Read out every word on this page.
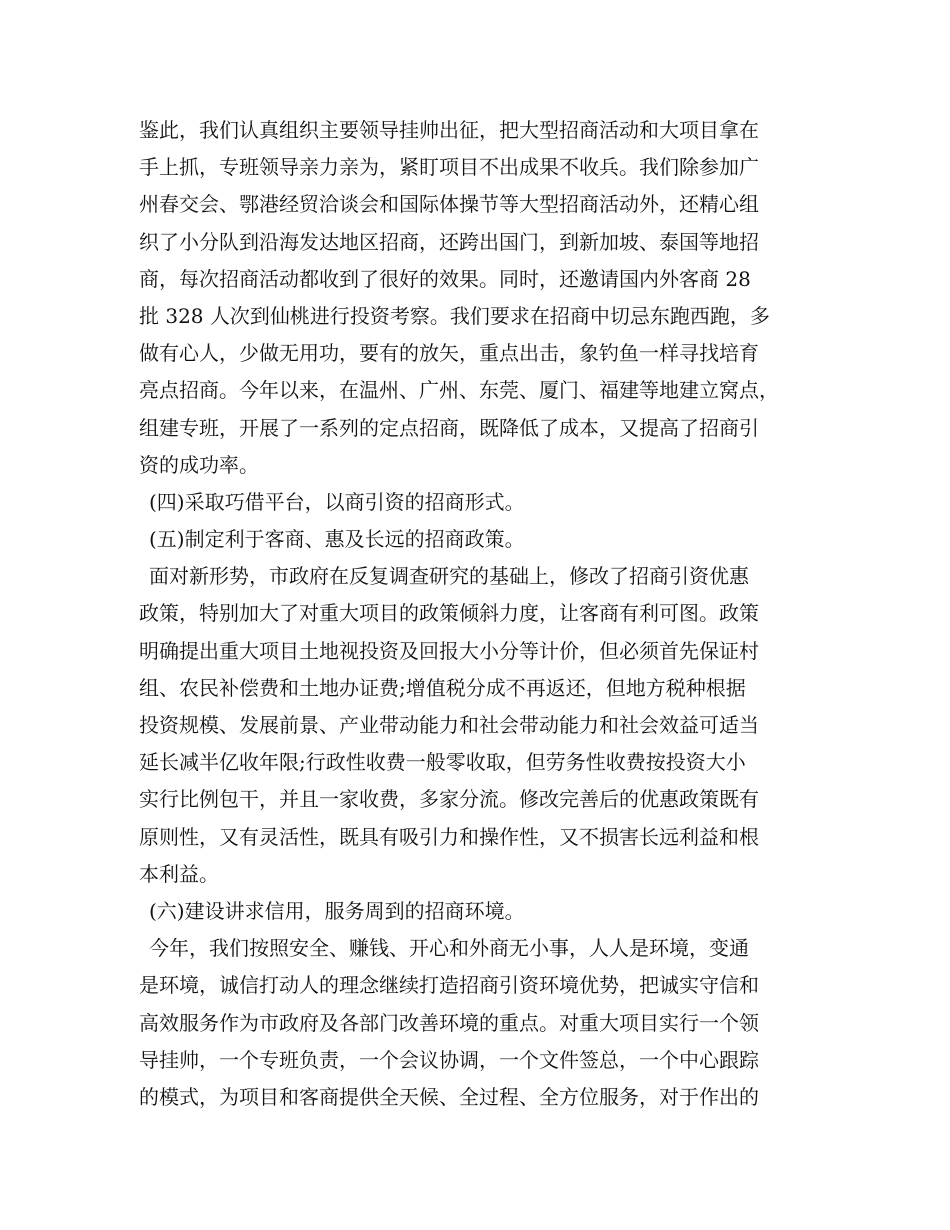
鉴此，我们认真组织主要领导挂帅出征，把大型招商活动和大项目拿在
手上抓，专班领导亲力亲为，紧盯项目不出成果不收兵。我们除参加广
州春交会、鄂港经贸洽谈会和国际体操节等大型招商活动外，还精心组
织了小分队到沿海发达地区招商，还跨出国门，到新加坡、泰国等地招
商，每次招商活动都收到了很好的效果。同时，还邀请国内外客商 28
批 328 人次到仙桃进行投资考察。我们要求在招商中切忌东跑西跑，多
做有心人，少做无用功，要有的放矢，重点出击，象钓鱼一样寻找培育
亮点招商。今年以来，在温州、广州、东莞、厦门、福建等地建立窝点，
组建专班，开展了一系列的定点招商，既降低了成本，又提高了招商引
资的成功率。
(四)采取巧借平台，以商引资的招商形式。
(五)制定利于客商、惠及长远的招商政策。
面对新形势，市政府在反复调查研究的基础上，修改了招商引资优惠
政策，特别加大了对重大项目的政策倾斜力度，让客商有利可图。政策
明确提出重大项目土地视投资及回报大小分等计价，但必须首先保证村
组、农民补偿费和土地办证费;增值税分成不再返还，但地方税种根据
投资规模、发展前景、产业带动能力和社会带动能力和社会效益可适当
延长减半亿收年限;行政性收费一般零收取，但劳务性收费按投资大小
实行比例包干，并且一家收费，多家分流。修改完善后的优惠政策既有
原则性，又有灵活性，既具有吸引力和操作性，又不损害长远利益和根
本利益。
(六)建设讲求信用，服务周到的招商环境。
今年，我们按照安全、赚钱、开心和外商无小事，人人是环境，变通
是环境，诚信打动人的理念继续打造招商引资环境优势，把诚实守信和
高效服务作为市政府及各部门改善环境的重点。对重大项目实行一个领
导挂帅，一个专班负责，一个会议协调，一个文件签总，一个中心跟踪
的模式，为项目和客商提供全天候、全过程、全方位服务，对于作出的
